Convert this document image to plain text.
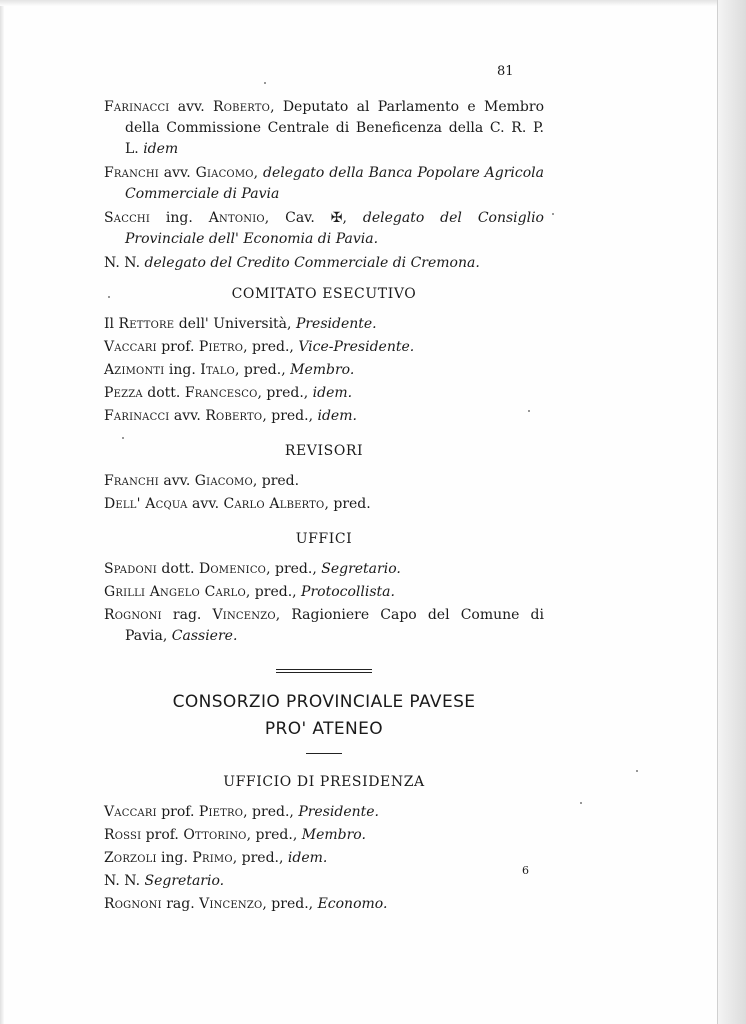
81

Farinacci avv. Roberto, Deputato al Parlamento e Membro della Commissione Centrale di Beneficenza della C. R. P. L. idem

Franchi avv. Giacomo, delegato della Banca Popolare Agricola Commerciale di Pavia

Sacchi ing. Antonio, Cav. ✠, delegato del Consiglio Provinciale dell' Economia di Pavia.

N. N. delegato del Credito Commerciale di Cremona.

COMITATO ESECUTIVO

Il Rettore dell' Università, Presidente.

Vaccari prof. Pietro, pred., Vice-Presidente.

Azimonti ing. Italo, pred., Membro.

Pezza dott. Francesco, pred., idem.

Farinacci avv. Roberto, pred., idem.

REVISORI

Franchi avv. Giacomo, pred.

Dell' Acqua avv. Carlo Alberto, pred.

UFFICI

Spadoni dott. Domenico, pred., Segretario.

Grilli Angelo Carlo, pred., Protocollista.

Rognoni rag. Vincenzo, Ragioniere Capo del Comune di Pavia, Cassiere.

CONSORZIO PROVINCIALE PAVESE
PRO' ATENEO
UFFICIO DI PRESIDENZA

Vaccari prof. Pietro, pred., Presidente.

Rossi prof. Ottorino, pred., Membro.

Zorzoli ing. Primo, pred., idem.

N. N. Segretario.

Rognoni rag. Vincenzo, pred., Economo.

6
